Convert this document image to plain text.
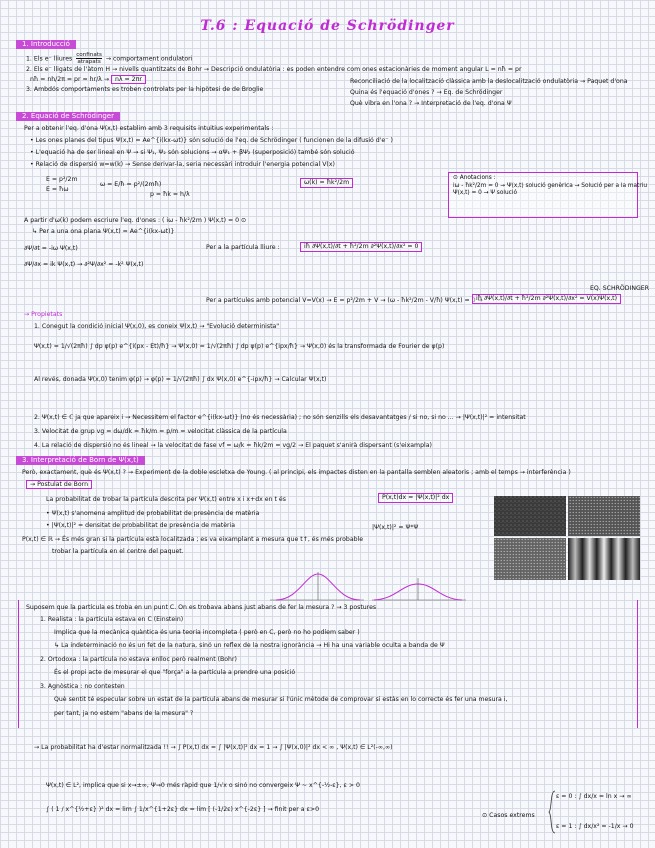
T.6 : Equació de Schrödinger
1. Introducció
1. Els e⁻ lliures $\frac{\text{confinats}}{\text{atrapats}}$ → comportament ondulatori
2. Els e⁻ lligats de l'àtom H → nivells quantitzats de Bohr → Descripció ondulatòria : es poden entendre com ones estacionàries de moment angular L = nħ = pr
nħ = nh/2π = pr = hr/λ → nλ = 2πr
3. Ambdós comportaments es troben controlats per la hipòtesi de de Broglie
Reconciliació de la localització clàssica amb la deslocalització ondulatòria → Paquet d'ona
Quina és l'equació d'ones ? → Eq. de Schrödinger
Què vibra en l'ona ? → Interpretació de l'eq. d'ona Ψ
2. Equació de Schrödinger
Per a obtenir l'eq. d'ona Ψ(x,t) establim amb 3 requisits intuitius experimentals :
• Les ones planes del tipus Ψ(x,t) = Ae^{i(kx-ωt)} són solució de l'eq. de Schrödinger ( funcionen de la difusió d'e⁻ )
• L'equació ha de ser lineal en Ψ → si Ψ₁, Ψ₂ són solucions → αΨ₁ + βΨ₂ (superposició) també són solució
• Relació de dispersió w=w(k) → Sense derivar-la, seria necessàri introduir l'energia potencial V(x)
E = p²/2m
E = ħω
ω = E/ħ = p²/(2mħ)
p = ħk = h/λ
ω(k) = ħk²/2m
⊙ Anotacions :
iω - ħk²/2m = 0 → Ψ(x,t) solució genèrica → Solució per a la matriu
Ψ(x,t) = 0 → Ψ solució
A partir d'ω(k) podem escriure l'eq. d'ones : ( iω - ħk²/2m ) Ψ(x,t) = 0 ⊙
↳ Per a una ona plana Ψ(x,t) = Ae^{i(kx-ωt)}
∂Ψ/∂t = -iω Ψ(x,t)
∂Ψ/∂x = ik Ψ(x,t) → ∂²Ψ/∂x² = -k² Ψ(x,t)
Per a la partícula lliure :	iħ ∂Ψ(x,t)/∂t + ħ²/2m ∂²Ψ(x,t)/∂x² = 0
EQ. SCHRÖDINGER
Per a partícules amb potencial V=V(x) → E = p²/2m + V → (ω - ħk²/2m - V/ħ) Ψ(x,t) = 0 →
iħ ∂Ψ(x,t)/∂t + ħ²/2m ∂²Ψ(x,t)/∂x² = V(x)Ψ(x,t)
→ Propietats
1. Conegut la condició inicial Ψ(x,0), es coneix Ψ(x,t) → "Evolució determinista"
Ψ(x,t) = 1/√(2πħ) ∫ dp φ(p) e^{i(px - Et)/ħ} → Ψ(x,0) = 1/√(2πħ) ∫ dp φ(p) e^{ipx/ħ} → Ψ(x,0) és la transformada de Fourier de φ(p)
Al revés, donada Ψ(x,0) tenim φ(p) → φ(p) = 1/√(2πħ) ∫ dx Ψ(x,0) e^{-ipx/ħ} → Calcular Ψ(x,t)
2. Ψ(x,t) ∈ ℂ ja que apareix i → Necessitem el factor e^{i(kx-ωt)} (no és necessària) ; no són senzills els desavantatges / si no, si no ... → |Ψ(x,t)|² = intensitat
3. Velocitat de grup vg = dω/dk = ħk/m = p/m = velocitat clàssica de la partícula
4. La relació de dispersió no és lineal → la velocitat de fase vf = ω/k = ħk/2m = vg/2 → El paquet s'anirà dispersant (s'eixampla)
3. Interpretació de Born de Ψ(x,t)
Però, exactament, què és Ψ(x,t) ? → Experiment de la doble escletxa de Young. ( al principi, els impactes disten en la pantalla semblen aleatoris ; amb el temps → interferència )
→ Postulat de Born
La probabilitat de trobar la partícula descrita per Ψ(x,t) entre x i x+dx en t és	P(x,t)dx = |Ψ(x,t)|² dx
• Ψ(x,t) s'anomena amplitud de probabilitat de presència de matèria
• |Ψ(x,t)|² = densitat de probabilitat de presència de matèria	|Ψ(x,t)|² = Ψ*Ψ
P(x,t) ∈ ℝ → És més gran si la partícula està localitzada ; es va eixamplant a mesura que t↑, és més probable
trobar la partícula en el centre del paquet.
Suposem que la partícula es troba en un punt C. On es trobava abans just abans de fer la mesura ? → 3 postures
1. Realista : la partícula estava en C (Einstein)
Implica que la mecànica quàntica és una teoria incompleta ( però en C, però no ho podíem saber )
↳ La indeterminació no és un fet de la natura, sinó un reflex de la nostra ignorància → Hi ha una variable oculta a banda de Ψ
2. Ortodoxa : la partícula no estava enlloc però realment (Bohr)
És el propi acte de mesurar el que "força" a la partícula a prendre una posició
3. Agnòstica : no contesten
Què sentit té especular sobre un estat de la partícula abans de mesurar si l'únic mètode de comprovar si estàs en lo correcte és fer una mesura i,
per tant, ja no estem "abans de la mesura" ?
→ La probabilitat ha d'estar normalitzada !! → ∫ P(x,t) dx = ∫ |Ψ(x,t)|² dx = 1 → ∫ |Ψ(x,0)|² dx < ∞ , Ψ(x,t) ∈ L²(-∞,∞)
Ψ(x,t) ∈ L², implica que si x→±∞, Ψ→0 més ràpid que 1/√x o sinó no convergeix Ψ ~ x^{-½-ε}, ε > 0
∫ ( 1 / x^{½+ε} )² dx = lim ∫ 1/x^{1+2ε} dx = lim [ (-1/2ε) x^{-2ε} ] → finit per a ε>0
⊙ Casos extrems
ε = 0 : ∫ dx/x = ln x → ∞
ε = 1 : ∫ dx/x² = -1/x → 0
